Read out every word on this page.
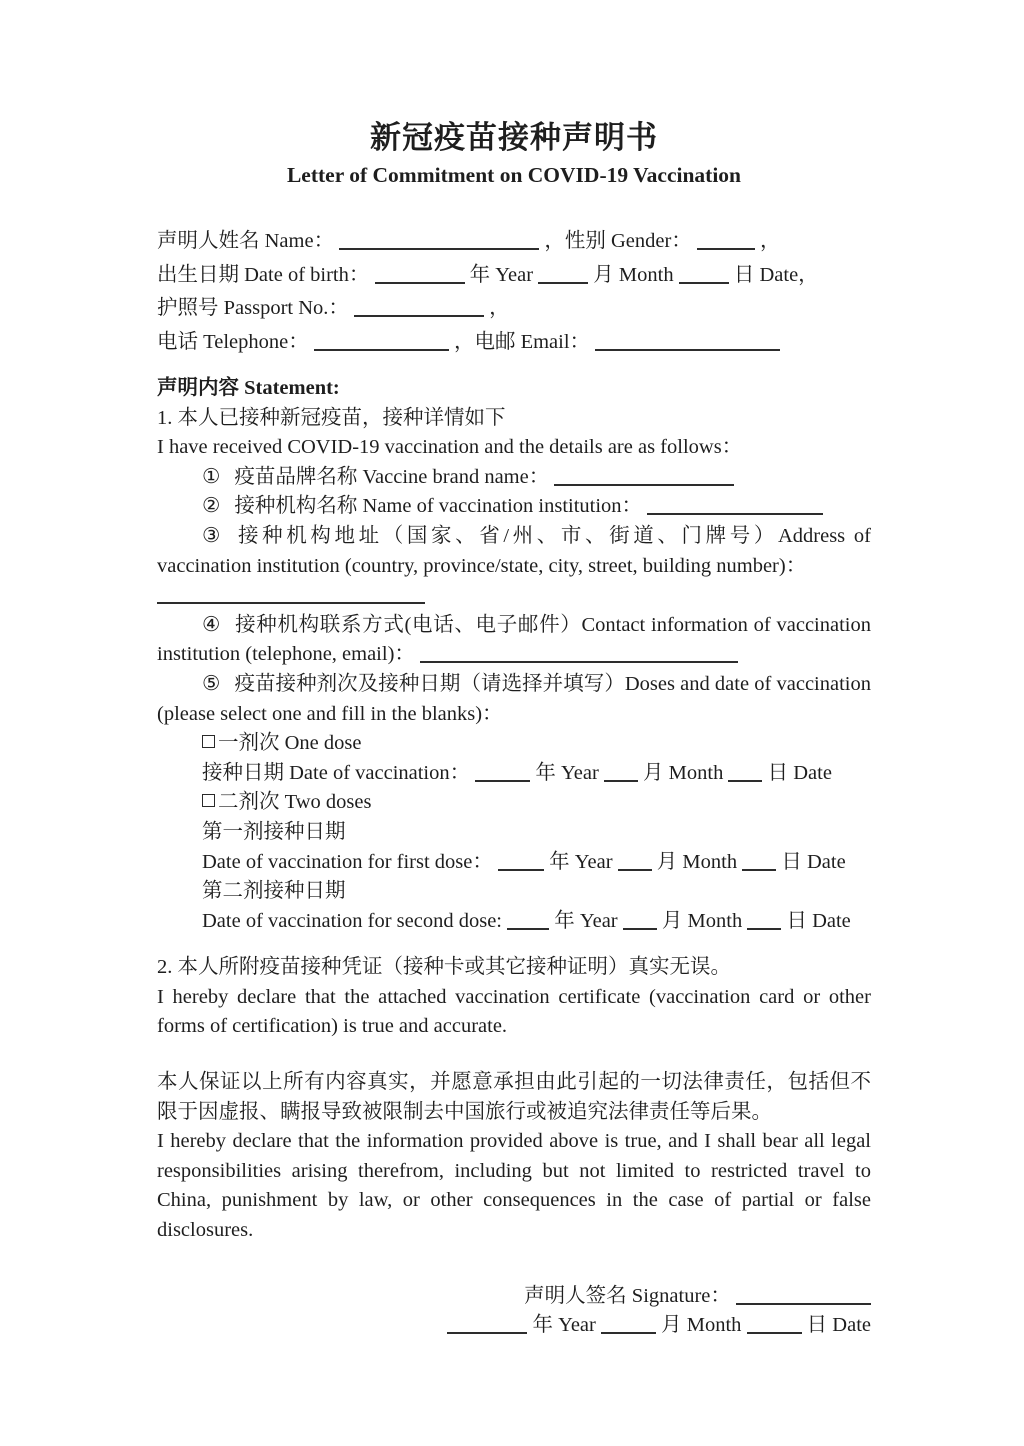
新冠疫苗接种声明书
Letter of Commitment on COVID-19 Vaccination

声明人姓名 Name：	，性别 Gender：	，

出生日期 Date of birth：	年 Year	月 Month	日 Date，

护照号 Passport No.：	，

电话 Telephone：	，电邮 Email：

声明内容 Statement:

1. 本人已接种新冠疫苗，接种详情如下

I have received COVID-19 vaccination and the details are as follows：

① 疫苗品牌名称 Vaccine brand name：

② 接种机构名称 Name of vaccination institution：

③ 接种机构地址（国家、省/州、市、街道、门牌号）Address of vaccination institution (country, province/state, city, street, building number)：

④ 接种机构联系方式(电话、电子邮件）Contact information of vaccination institution (telephone, email)：

⑤ 疫苗接种剂次及接种日期（请选择并填写）Doses and date of vaccination (please select one and fill in the blanks)：

一剂次 One dose

接种日期 Date of vaccination：	年 Year 月 Month 日 Date

二剂次 Two doses

第一剂接种日期

Date of vaccination for first dose：	年 Year 月 Month 日 Date

第二剂接种日期

Date of vaccination for second dose:	年 Year 月 Month 日 Date

2. 本人所附疫苗接种凭证（接种卡或其它接种证明）真实无误。

I hereby declare that the attached vaccination certificate (vaccination card or other forms of certification) is true and accurate.

本人保证以上所有内容真实，并愿意承担由此引起的一切法律责任，包括但不限于因虚报、瞒报导致被限制去中国旅行或被追究法律责任等后果。

I hereby declare that the information provided above is true, and I shall bear all legal responsibilities arising therefrom, including but not limited to restricted travel to China, punishment by law, or other consequences in the case of partial or false disclosures.

声明人签名 Signature：

年 Year	月 Month	日 Date
